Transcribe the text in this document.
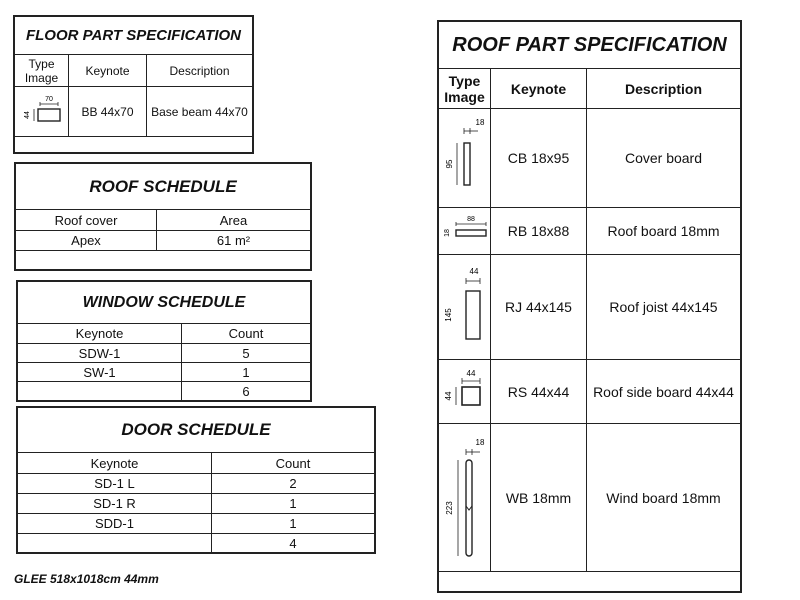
FLOOR PART SPECIFICATION		
Type Image	Keynote	Description

70
44	BB 44x70	Base beam 44x70

ROOF SCHEDULE	
Roof cover	Area
Apex	61 m²

WINDOW SCHEDULE	
Keynote	Count
SDW-1	5
SW-1	1
	6
DOOR SCHEDULE	
Keynote	Count
SD-1 L	2
SD-1 R	1
SDD-1	1
	4
GLEE 518x1018cm 44mm
ROOF PART SPECIFICATION		
Type Image	Keynote	Description

18
95	CB 18x95	Cover board

88
18	RB 18x88	Roof board 18mm

44
145	RJ 44x145	Roof joist 44x145

44
44	RS 44x44	Roof side board 44x44

18
223	WB 18mm	Wind board 18mm
